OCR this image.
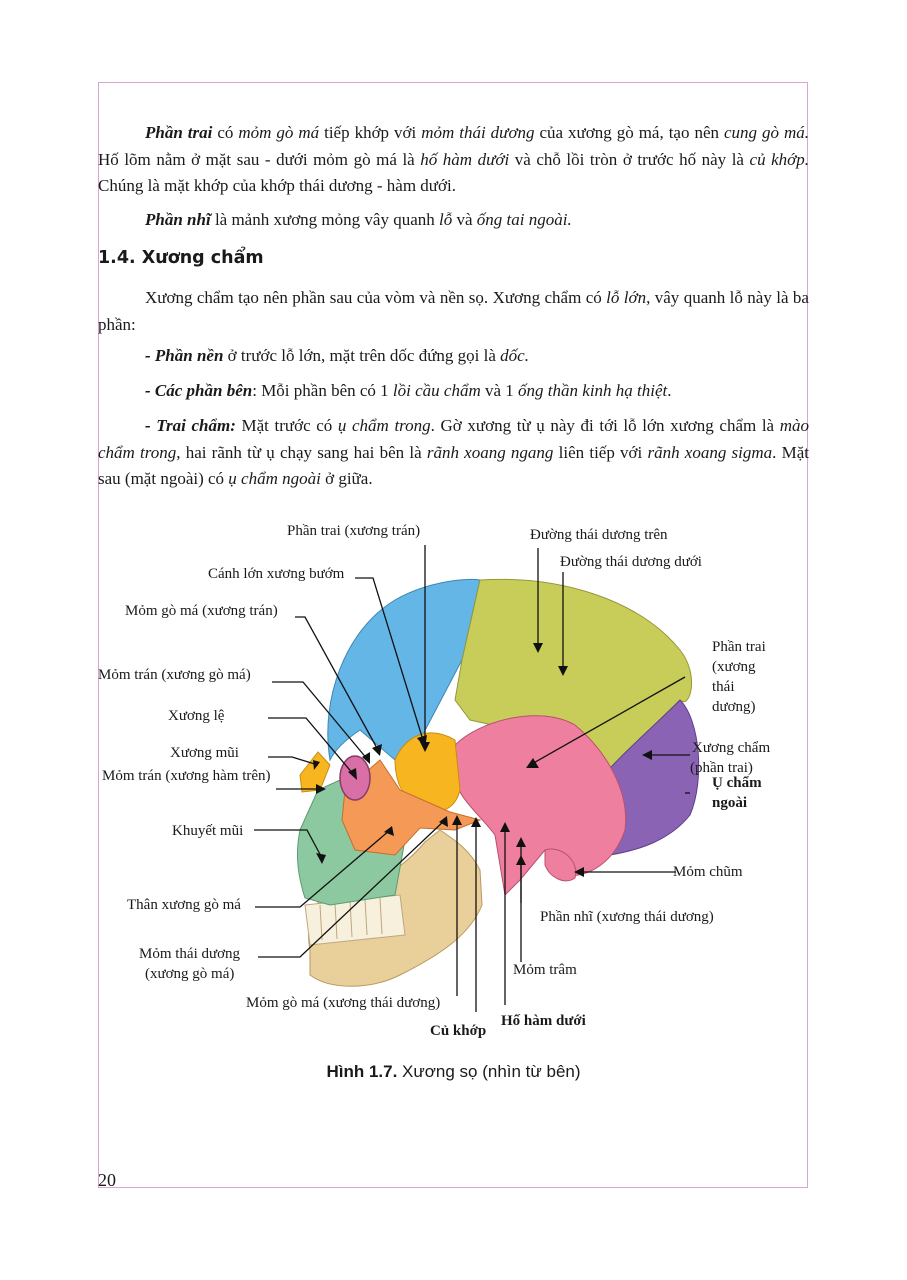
Phần trai có mỏm gò má tiếp khớp với mỏm thái dương của xương gò má, tạo nên cung gò má. Hố lõm nằm ở mặt sau - dưới mỏm gò má là hố hàm dưới và chỗ lồi tròn ở trước hố này là củ khớp. Chúng là mặt khớp của khớp thái dương - hàm dưới.

Phần nhĩ là mảnh xương mỏng vây quanh lỗ và ống tai ngoài.

1.4. Xương chẩm

Xương chẩm tạo nên phần sau của vòm và nền sọ. Xương chẩm có lỗ lớn, vây quanh lỗ này là ba phần:

- Phần nền ở trước lỗ lớn, mặt trên dốc đứng gọi là dốc.

- Các phần bên: Mỗi phần bên có 1 lồi cầu chẩm và 1 ống thần kinh hạ thiệt.

- Trai chẩm: Mặt trước có ụ chẩm trong. Gờ xương từ ụ này đi tới lỗ lớn xương chẩm là mào chẩm trong, hai rãnh từ ụ chạy sang hai bên là rãnh xoang ngang liên tiếp với rãnh xoang sigma. Mặt sau (mặt ngoài) có ụ chẩm ngoài ở giữa.

Phần trai (xương trán)	Đường thái dương trên
Đường thái dương dưới
Cánh lớn xương bướm
Mỏm gò má (xương trán)
Phần trai
(xương
thái
dương)
Mỏm trán (xương gò má)
Xương lệ
Xương mũi
Mỏm trán (xương hàm trên)
Xương chẩm
(phần trai)
Ụ chẩm
ngoài
Khuyết mũi
Mỏm chũm
Thân xương gò má
Phần nhĩ (xương thái dương)
Mỏm thái dương
(xương gò má)	Mỏm trâm
Mỏm gò má (xương thái dương)
Củ khớp
Hố hàm dưới

Hình 1.7. Xương sọ (nhìn từ bên)

20
